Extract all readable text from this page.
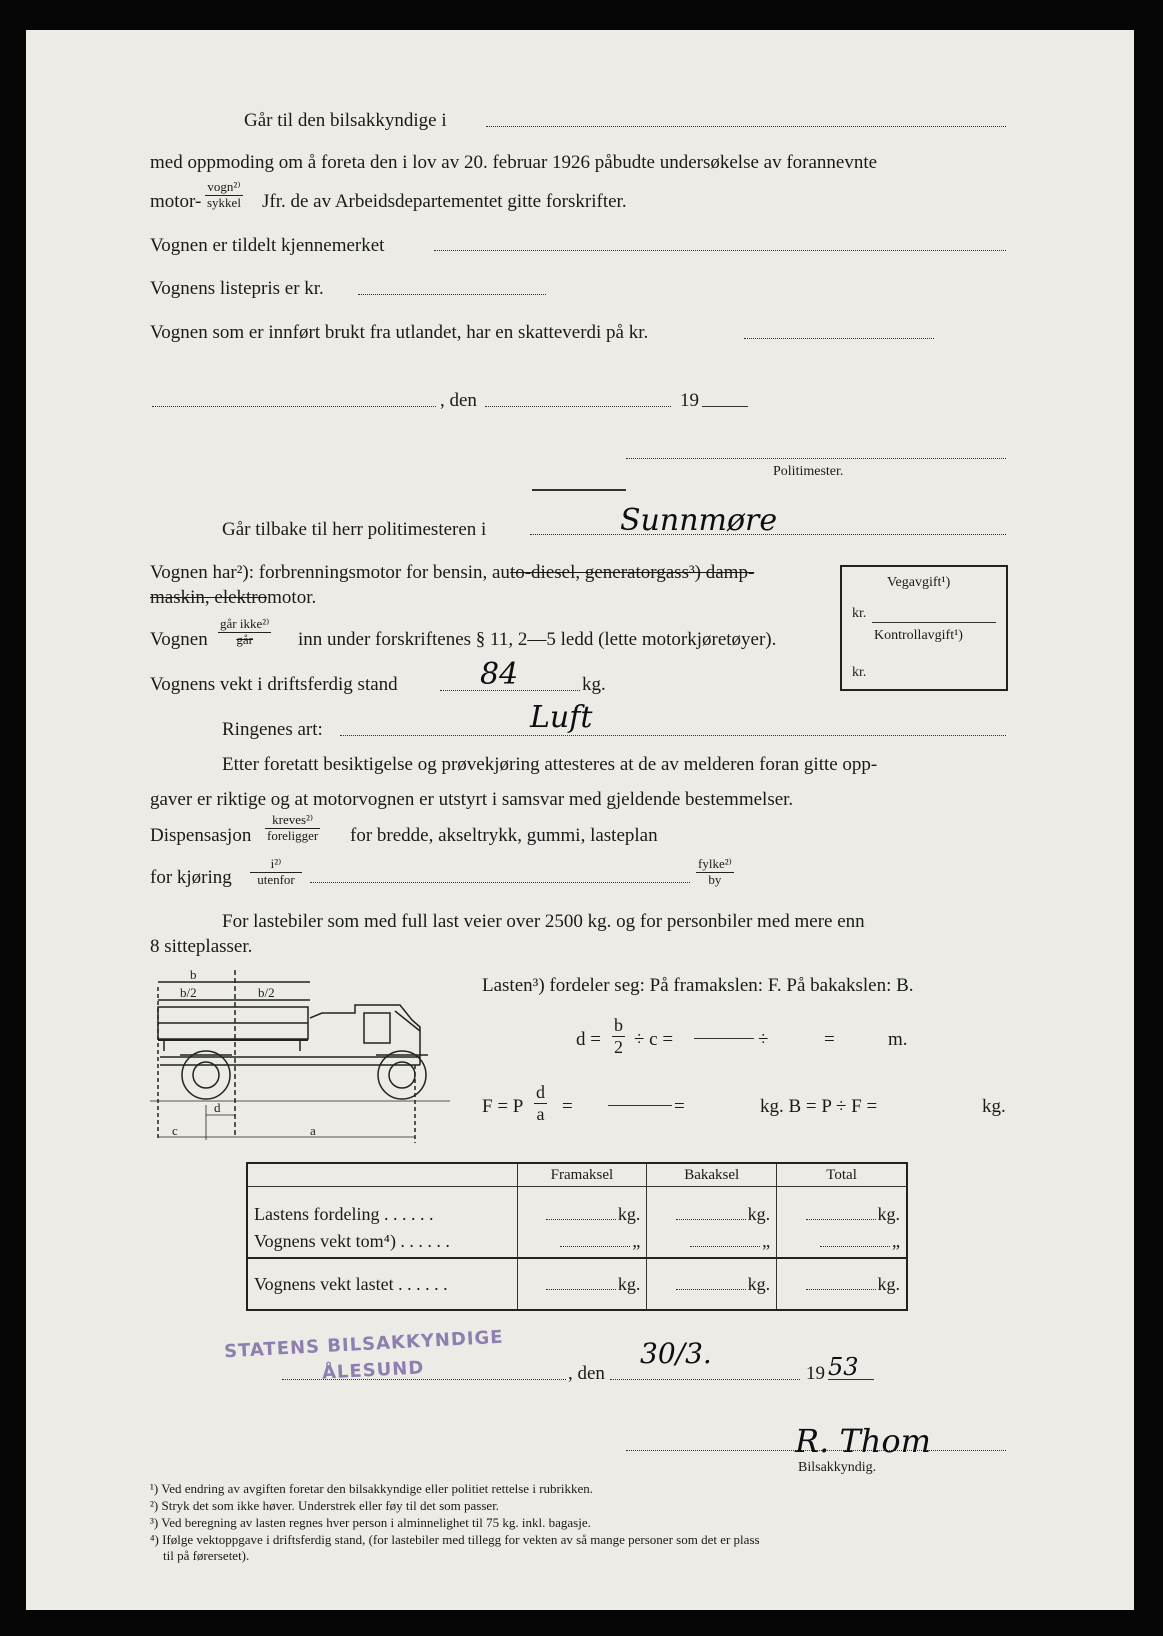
Går til den bilsakkyndige i
med oppmoding om å foreta den i lov av 20. februar 1926 påbudte undersøkelse av forannevnte
motor-
vogn²⁾
sykkel Jfr. de av Arbeidsdepartementet gitte forskrifter.
Vognen er tildelt kjennemerket
Vognens listepris er kr.
Vognen som er innført brukt fra utlandet, har en skatteverdi på kr.
, den	19
Politimester.
Går tilbake til herr politimesteren i	Sunnmøre
Vognen har²): forbrenningsmotor for bensin, auto-diesel, generatorgass³) damp-
maskin, elektromotor.
Vognen
går ikke²⁾
går	inn under forskriftenes § 11, 2—5 ledd (lette motorkjøretøyer).
Vognens vekt i driftsferdig stand	84	kg.
Ringenes art:	Luft
Etter foretatt besiktigelse og prøvekjøring attesteres at de av melderen foran gitte opp-
gaver er riktige og at motorvognen er utstyrt i samsvar med gjeldende bestemmelser.
Dispensasjon
kreves²⁾
foreligger for bredde, akseltrykk, gummi, lasteplan
for kjøring
i²⁾
utenfor
fylke²⁾
by
For lastebiler som med full last veier over 2500 kg. og for personbiler med mere enn
8 sitteplasser.
Vegavgift¹)
kr.
Kontrollavgift¹)
kr.
b
b/2	b/2
c
d
a
Lasten³) fordeler seg: På framakslen: F. På bakakslen: B.
$d = \frac{b}{2} \div c$ =	÷	=	m.
F = P $\frac{d}{a}$ =	=	kg. B = P ÷ F =	kg.
	Framaksel	Bakaksel	Total
Lastens fordeling . . . . . .	kg.	kg.	kg.
Vognens vekt tom⁴) . . . . . .	„	„	„
Vognens vekt lastet . . . . . .	kg.	kg.	kg.
STATENS BILSAKKYNDIGE
ÅLESUND	, den
30/3.
19 53
R. Thom
Bilsakkyndig.
¹) Ved endring av avgiften foretar den bilsakkyndige eller politiet rettelse i rubrikken.
²) Stryk det som ikke høver. Understrek eller føy til det som passer.
³) Ved beregning av lasten regnes hver person i alminnelighet til 75 kg. inkl. bagasje.
⁴) Ifølge vektoppgave i driftsferdig stand, (for lastebiler med tillegg for vekten av så mange personer som det er plass
til på førersetet).
